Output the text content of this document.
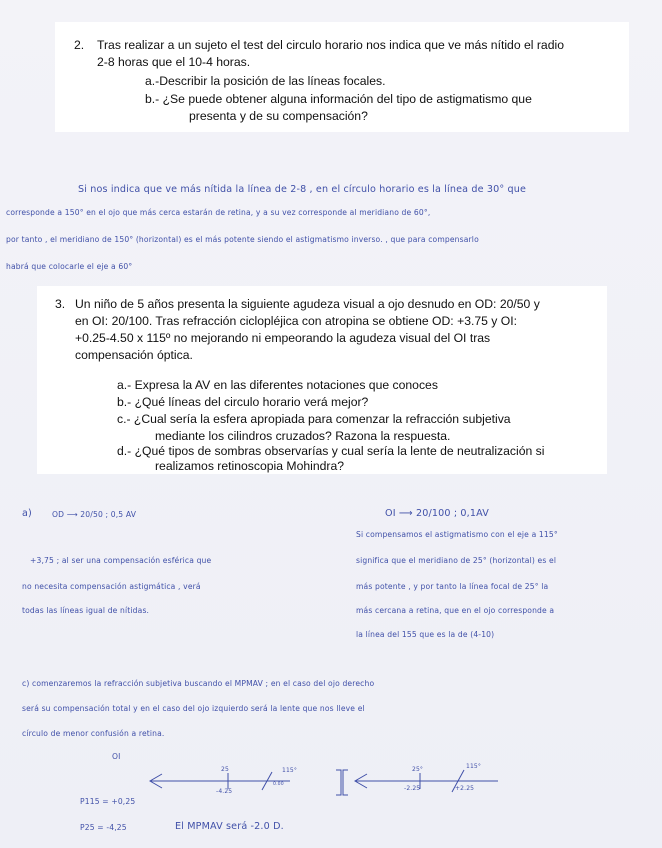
2. Tras realizar a un sujeto el test del circulo horario nos indica que ve más nítido el radio
2-8 horas que el 10-4 horas.
a.-Describir la posición de las líneas focales.
b.- ¿Se puede obtener alguna información del tipo de astigmatismo que
presenta y de su compensación?
Si nos indica que ve más nítida la línea de 2-8 , en el círculo horario es la línea de 30° que
corresponde a 150° en el ojo que más cerca estarán de retina, y a su vez corresponde al meridiano de 60°,
por tanto , el meridiano de 150° (horizontal) es el más potente siendo el astigmatismo inverso. , que para compensarlo
habrá que colocarle el eje a 60°
3. Un niño de 5 años presenta la siguiente agudeza visual a ojo desnudo en OD: 20/50 y
en OI: 20/100. Tras refracción ciclopléjica con atropina se obtiene OD: +3.75 y OI:
+0.25-4.50 x 115º no mejorando ni empeorando la agudeza visual del OI tras
compensación óptica.
a.- Expresa la AV en las diferentes notaciones que conoces
b.- ¿Qué líneas del circulo horario verá mejor?
c.- ¿Cual sería la esfera apropiada para comenzar la refracción subjetiva
mediante los cilindros cruzados? Razona la respuesta.
d.- ¿Qué tipos de sombras observarías y cual sería la lente de neutralización si
realizamos retinoscopia Mohindra?
a)	OD ⟶ 20/50 ; 0,5 AV	OI ⟶ 20/100 ; 0,1AV
Si compensamos el astigmatismo con el eje a 115°
+3,75 ; al ser una compensación esférica que	significa que el meridiano de 25° (horizontal) es el
no necesita compensación astigmática , verá	más potente , y por tanto la línea focal de 25° la
todas las líneas igual de nítidas.	más cercana a retina, que en el ojo corresponde a
la línea del 155 que es la de (4-10)
c) comenzaremos la refracción subjetiva buscando el MPMAV ; en el caso del ojo derecho
será su compensación total y en el caso del ojo izquierdo será la lente que nos lleve el
círculo de menor confusión a retina.
OI
25	115°
0.00
-4.25
25°	115°
-2.25	+2.25
P115 = +0,25
P25 = -4,25	El MPMAV será -2.0 D.
